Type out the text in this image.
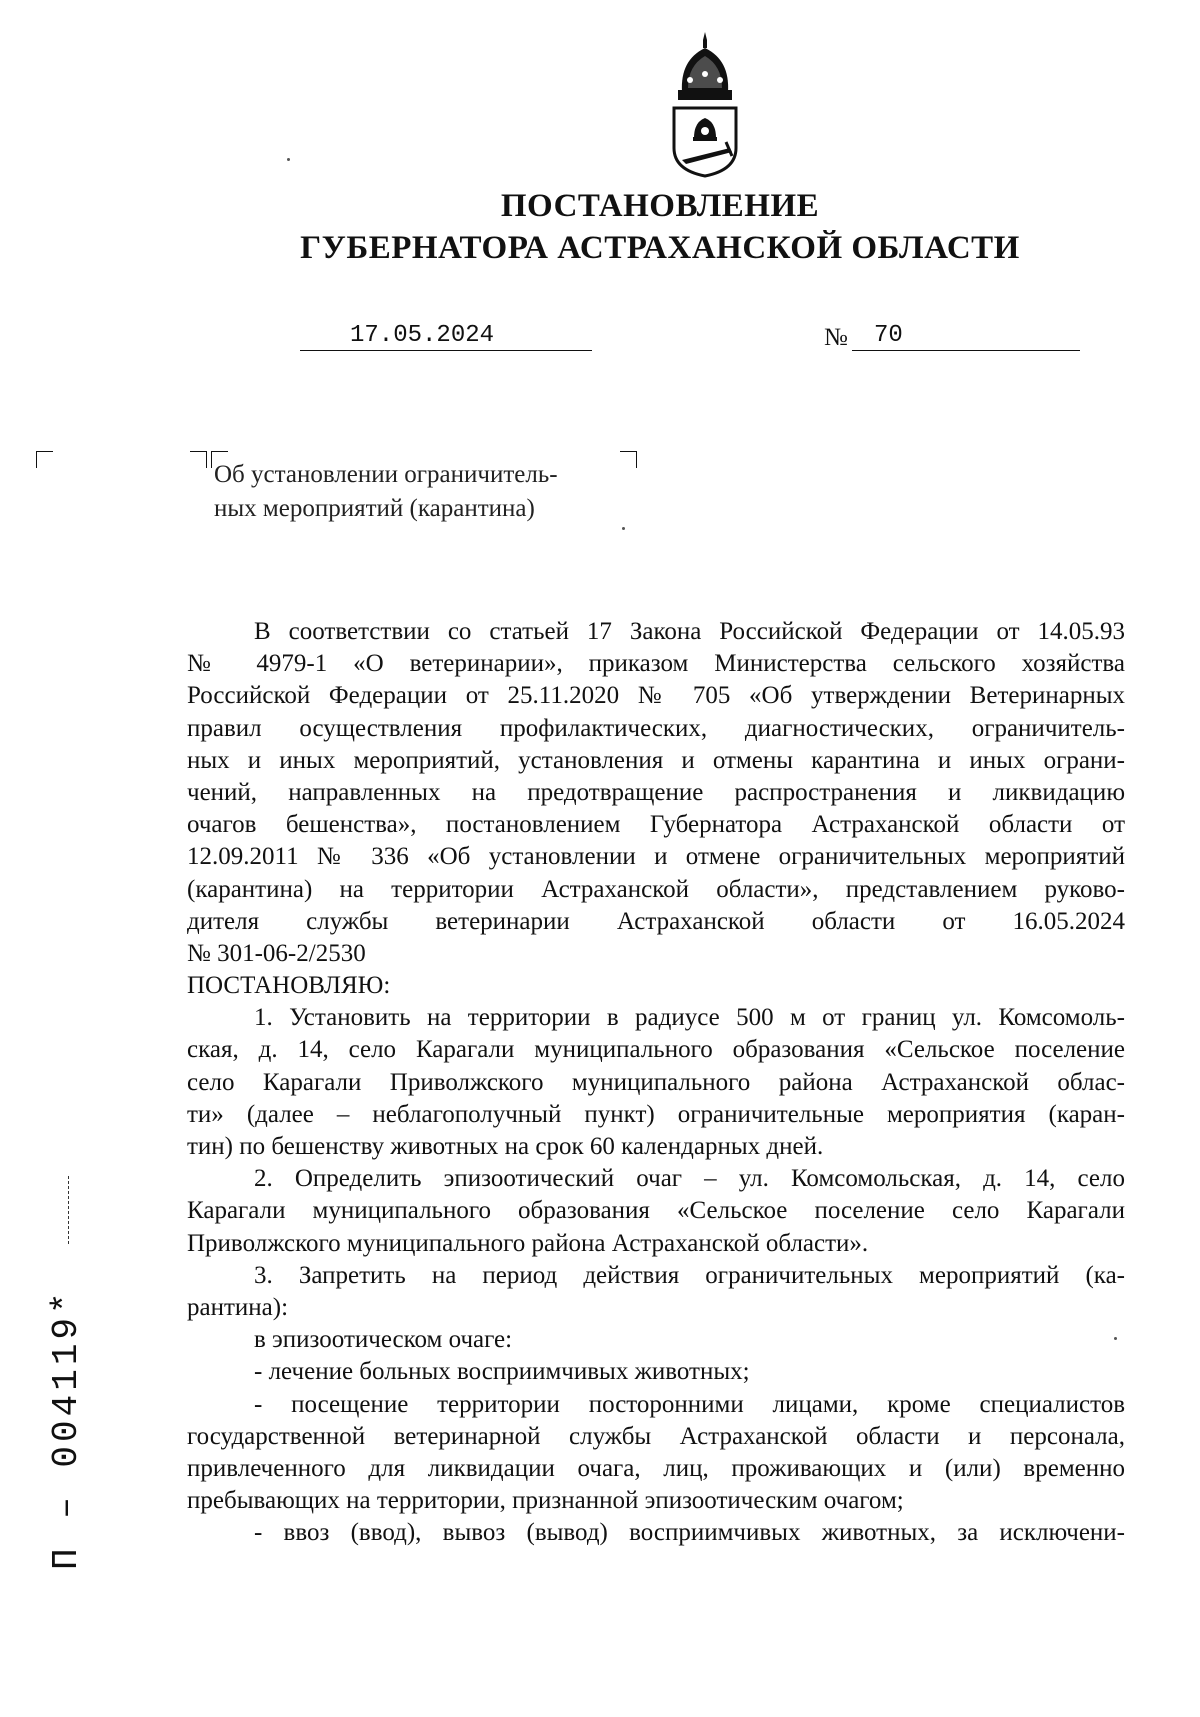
ПОСТАНОВЛЕНИЕ
ГУБЕРНАТОРА АСТРАХАНСКОЙ ОБЛАСТИ
17.05.2024	№ 70
Об установлении ограничитель-
ных мероприятий (карантина)
В соответствии со статьей 17 Закона Российской Федерации от 14.05.93
№ 4979-1 «О ветеринарии», приказом Министерства сельского хозяйства
Российской Федерации от 25.11.2020 № 705 «Об утверждении Ветеринарных
правил осуществления профилактических, диагностических, ограничитель-
ных и иных мероприятий, установления и отмены карантина и иных ограни-
чений, направленных на предотвращение распространения и ликвидацию
очагов бешенства», постановлением Губернатора Астраханской области от
12.09.2011 № 336 «Об установлении и отмене ограничительных мероприятий
(карантина) на территории Астраханской области», представлением руково-
дителя службы ветеринарии Астраханской области от 16.05.2024
№ 301-06-2/2530
ПОСТАНОВЛЯЮ:
1. Установить на территории в радиусе 500 м от границ ул. Комсомоль-
ская, д. 14, село Карагали муниципального образования «Сельское поселение
село Карагали Приволжского муниципального района Астраханской облас-
ти» (далее – неблагополучный пункт) ограничительные мероприятия (каран-
тин) по бешенству животных на срок 60 календарных дней.
2. Определить эпизоотический очаг – ул. Комсомольская, д. 14, село
Карагали муниципального образования «Сельское поселение село Карагали
Приволжского муниципального района Астраханской области».
3. Запретить на период действия ограничительных мероприятий (ка-
рантина):
в эпизоотическом очаге:
- лечение больных восприимчивых животных;
- посещение территории посторонними лицами, кроме специалистов
государственной ветеринарной службы Астраханской области и персонала,
привлеченного для ликвидации очага, лиц, проживающих и (или) временно
пребывающих на территории, признанной эпизоотическим очагом;
- ввоз (ввод), вывоз (вывод) восприимчивых животных, за исключени-
П – 004119*
